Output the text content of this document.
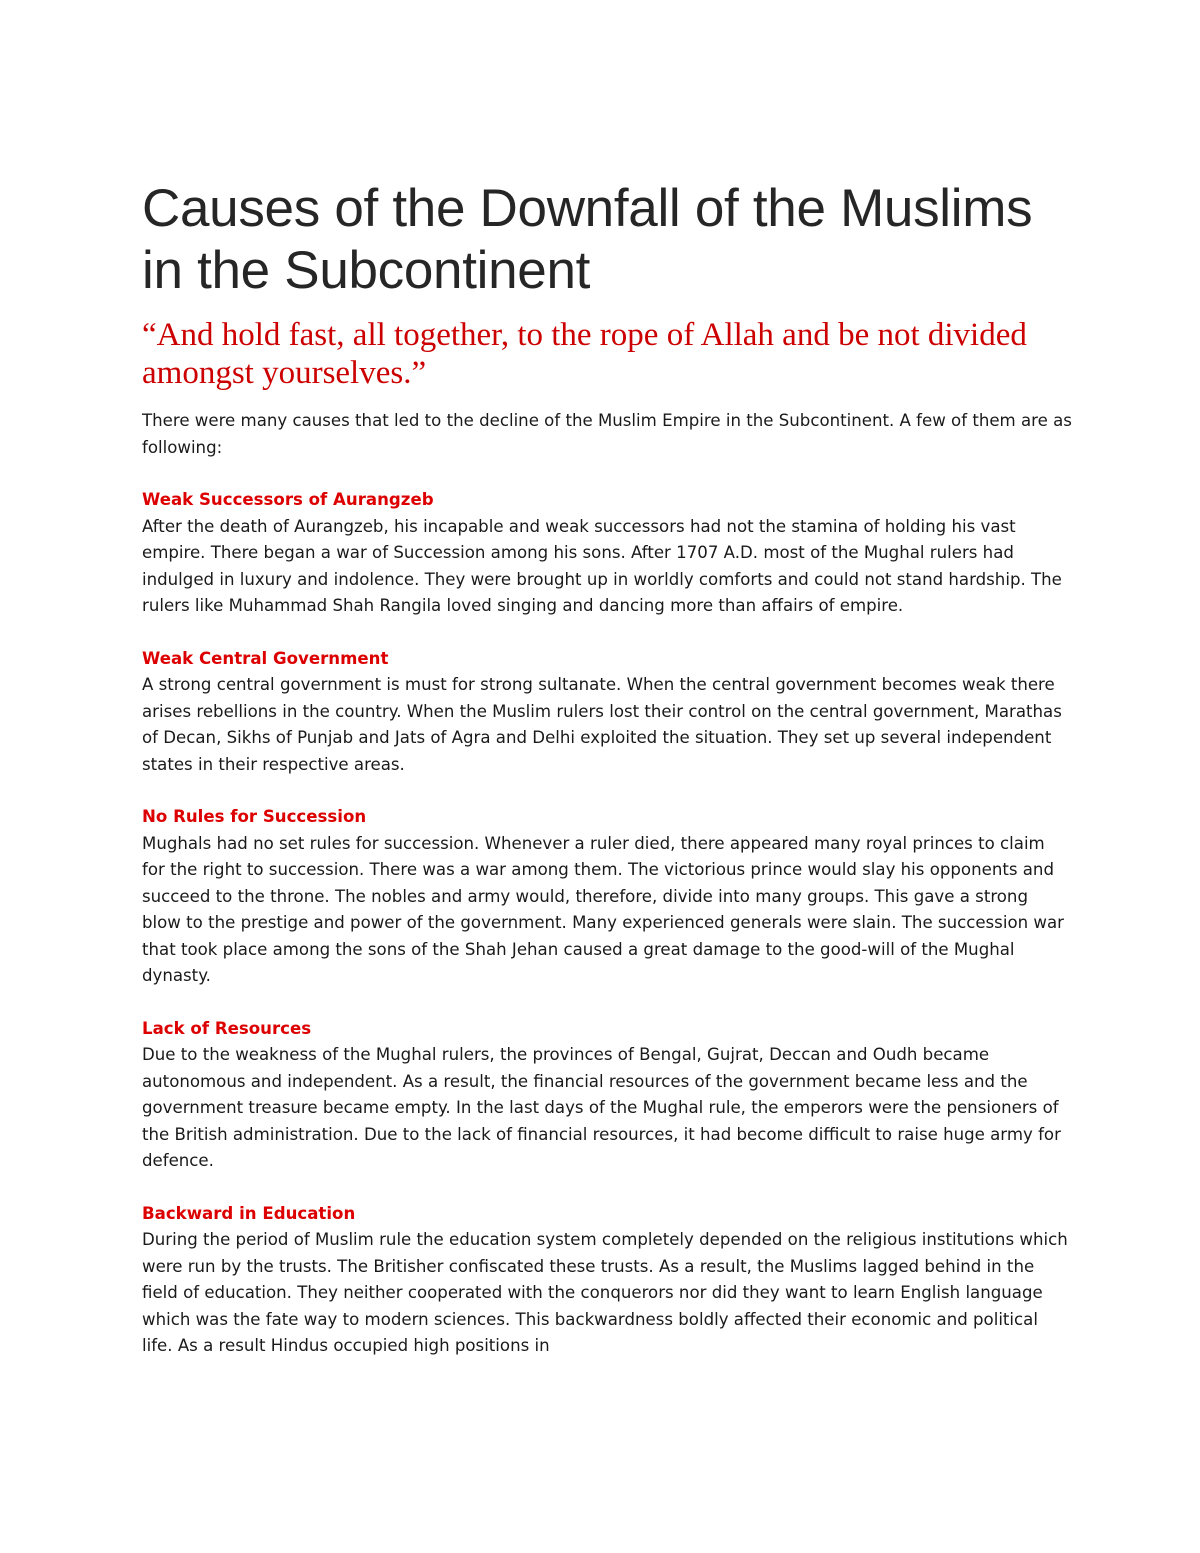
Causes of the Downfall of the Muslims in the Subcontinent

“And hold fast, all together, to the rope of Allah and be not divided amongst yourselves.”

There were many causes that led to the decline of the Muslim Empire in the Subcontinent. A few of them are as following:

Weak Successors of Aurangzeb

After the death of Aurangzeb, his incapable and weak successors had not the stamina of holding his vast empire. There began a war of Succession among his sons. After 1707 A.D. most of the Mughal rulers had indulged in luxury and indolence. They were brought up in worldly comforts and could not stand hardship. The rulers like Muhammad Shah Rangila loved singing and dancing more than affairs of empire.

Weak Central Government

A strong central government is must for strong sultanate. When the central government becomes weak there arises rebellions in the country. When the Muslim rulers lost their control on the central government, Marathas of Decan, Sikhs of Punjab and Jats of Agra and Delhi exploited the situation. They set up several independent states in their respective areas.

No Rules for Succession

Mughals had no set rules for succession. Whenever a ruler died, there appeared many royal princes to claim for the right to succession. There was a war among them. The victorious prince would slay his opponents and succeed to the throne. The nobles and army would, therefore, divide into many groups. This gave a strong blow to the prestige and power of the government. Many experienced generals were slain. The succession war that took place among the sons of the Shah Jehan caused a great damage to the good-will of the Mughal dynasty.

Lack of Resources

Due to the weakness of the Mughal rulers, the provinces of Bengal, Gujrat, Deccan and Oudh became autonomous and independent. As a result, the financial resources of the government became less and the government treasure became empty. In the last days of the Mughal rule, the emperors were the pensioners of the British administration. Due to the lack of financial resources, it had become difficult to raise huge army for defence.

Backward in Education

During the period of Muslim rule the education system completely depended on the religious institutions which were run by the trusts. The Britisher confiscated these trusts. As a result, the Muslims lagged behind in the field of education. They neither cooperated with the conquerors nor did they want to learn English language which was the fate way to modern sciences. This backwardness boldly affected their economic and political life. As a result Hindus occupied high positions in
